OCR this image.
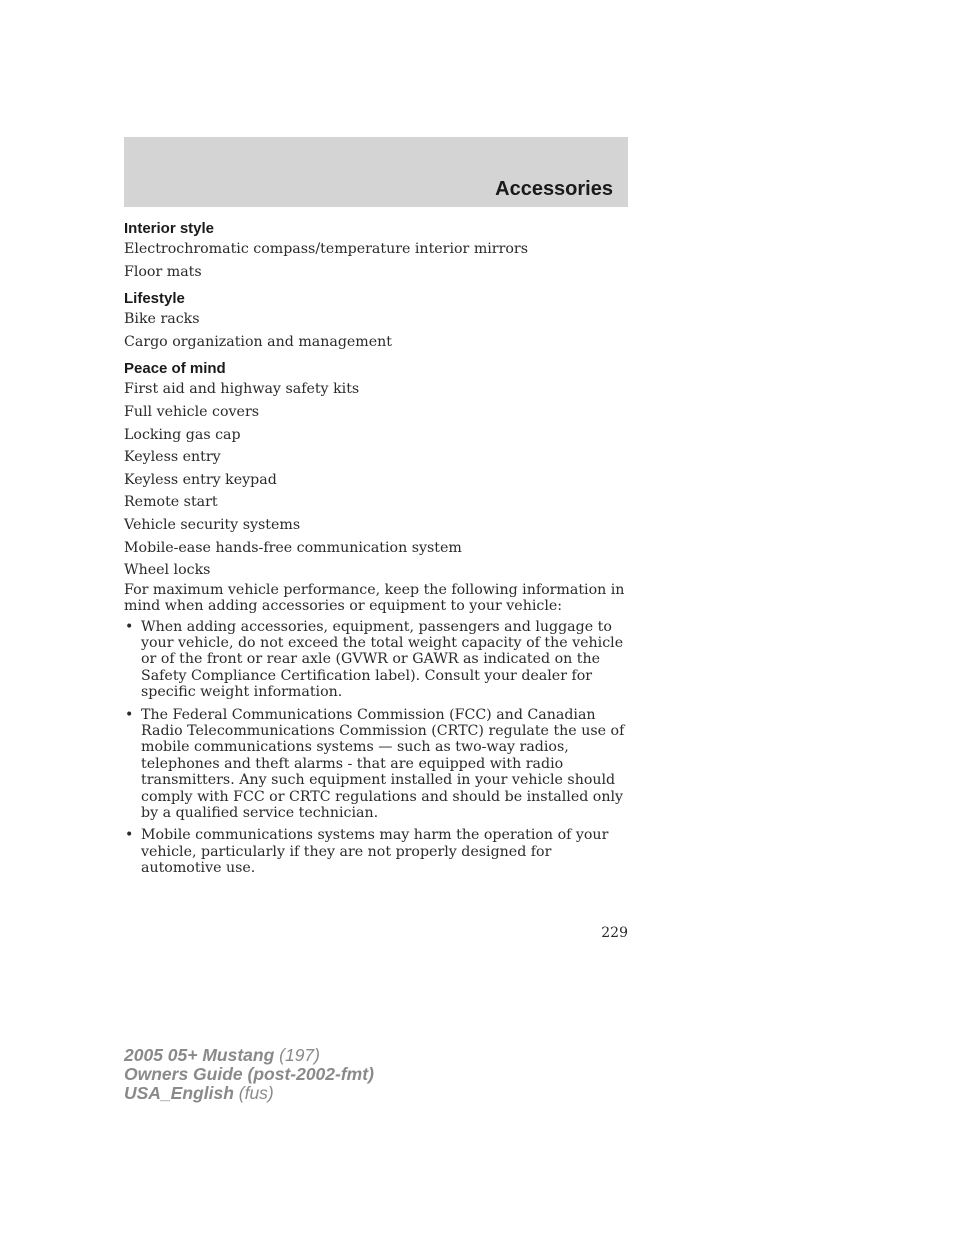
Accessories
Interior style
Electrochromatic compass/temperature interior mirrors
Floor mats
Lifestyle
Bike racks
Cargo organization and management
Peace of mind
First aid and highway safety kits
Full vehicle covers
Locking gas cap
Keyless entry
Keyless entry keypad
Remote start
Vehicle security systems
Mobile-ease hands-free communication system
Wheel locks

For maximum vehicle performance, keep the following information in mind when adding accessories or equipment to your vehicle:

• When adding accessories, equipment, passengers and luggage to your vehicle, do not exceed the total weight capacity of the vehicle or of the front or rear axle (GVWR or GAWR as indicated on the Safety Compliance Certification label). Consult your dealer for specific weight information.
• The Federal Communications Commission (FCC) and Canadian Radio Telecommunications Commission (CRTC) regulate the use of mobile communications systems — such as two-way radios, telephones and theft alarms - that are equipped with radio transmitters. Any such equipment installed in your vehicle should comply with FCC or CRTC regulations and should be installed only by a qualified service technician.
• Mobile communications systems may harm the operation of your vehicle, particularly if they are not properly designed for automotive use.
229
2005 05+ Mustang (197)
Owners Guide (post-2002-fmt)
USA_English (fus)
